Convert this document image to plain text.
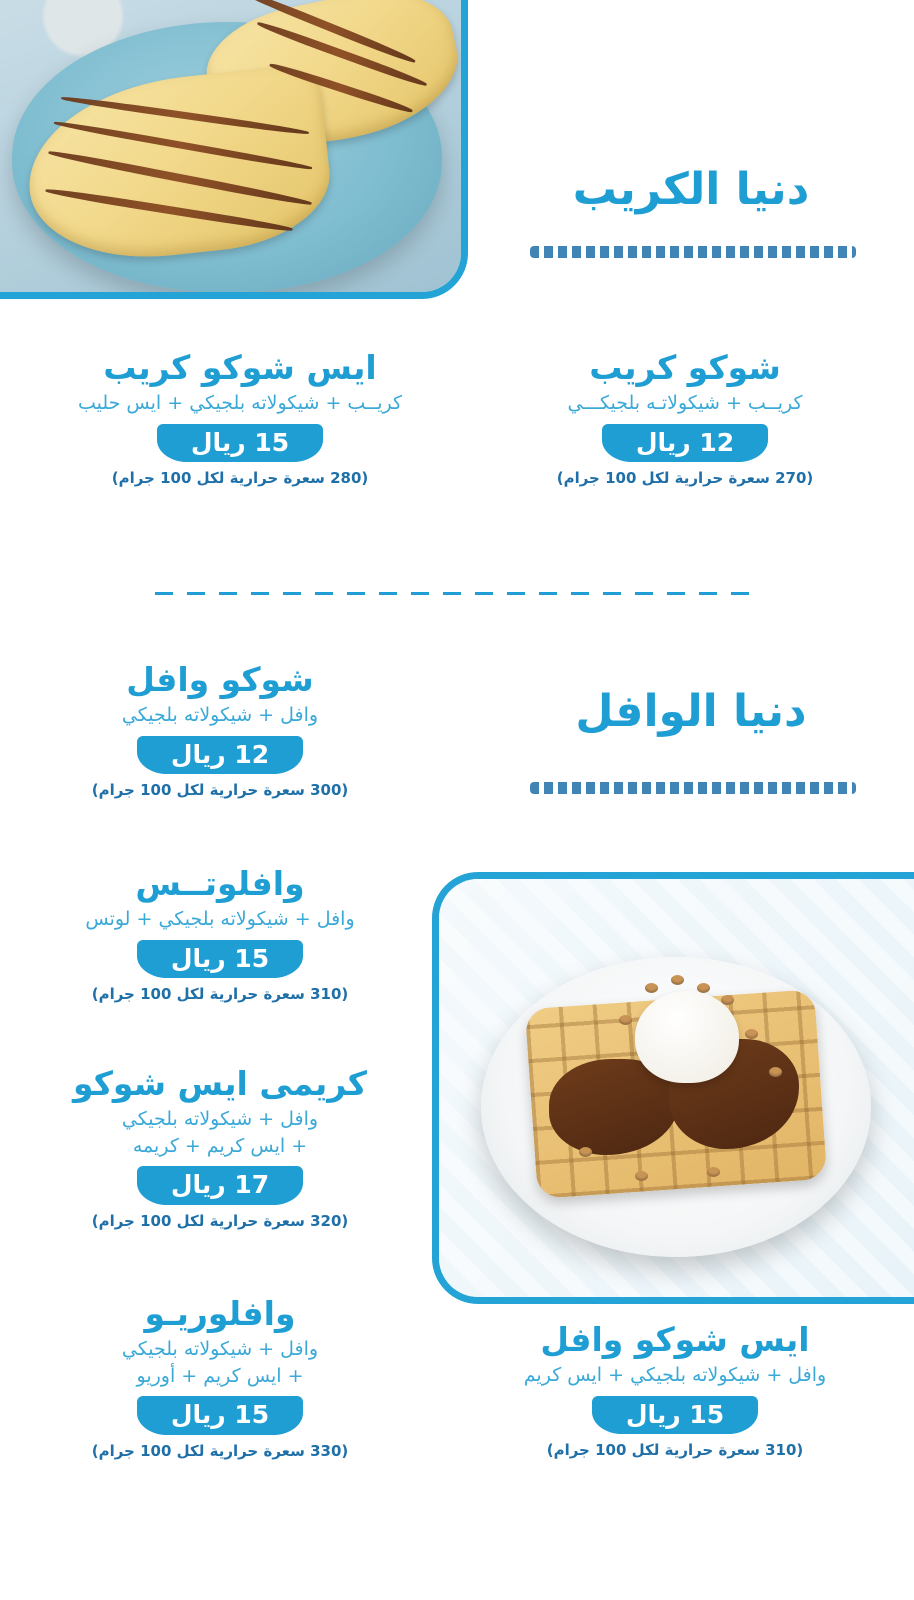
دنيا الكريب
شوكو كريب
كريــب + شيكولاتـه بلجيكـــي
12 ريال
(270 سعرة حرارية لكل 100 جرام)
ايس شوكو كريب
كريــب + شيكولاته بلجيكي + ايس حليب
15 ريال
(280 سعرة حرارية لكل 100 جرام)
دنيا الوافل
شوكو وافل
وافل + شيكولاته بلجيكي
12 ريال
(300 سعرة حرارية لكل 100 جرام)
وافلوتــس
وافل + شيكولاته بلجيكي + لوتس
15 ريال
(310 سعرة حرارية لكل 100 جرام)
كريمى ايس شوكو
وافل + شيكولاته بلجيكي
+ ايس كريم + كريمه
17 ريال
(320 سعرة حرارية لكل 100 جرام)
وافلوريـو
وافل + شيكولاته بلجيكي
+ ايس كريم + أوريو
15 ريال
(330 سعرة حرارية لكل 100 جرام)
ايس شوكو وافل
وافل + شيكولاته بلجيكي + ايس كريم
15 ريال
(310 سعرة حرارية لكل 100 جرام)
